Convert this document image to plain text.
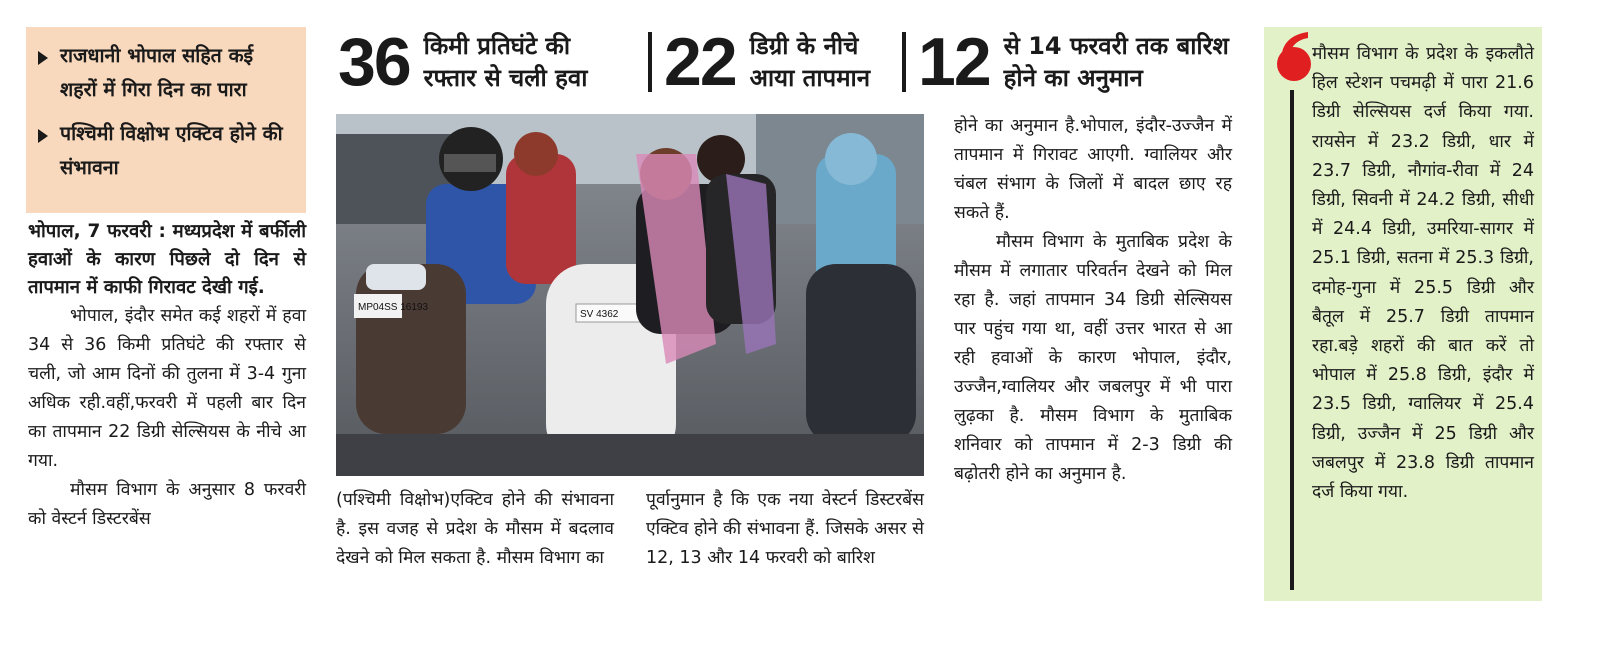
राजधानी भोपाल सहित कई शहरों में गिरा दिन का पारा
पश्चिमी विक्षोभ एक्टिव होने की संभावना

भोपाल, 7 फरवरी : मध्यप्रदेश में बर्फीली हवाओं के कारण पिछले दो दिन से तापमान में काफी गिरावट देखी गई.

भोपाल, इंदौर समेत कई शहरों में हवा 34 से 36 किमी प्रतिघंटे की रफ्तार से चली, जो आम दिनों की तुलना में 3-4 गुना अधिक रही.वहीं,फरवरी में पहली बार दिन का तापमान 22 डिग्री सेल्सियस के नीचे आ गया.

मौसम विभाग के अनुसार 8 फरवरी को वेस्टर्न डिस्टरबेंस

36 किमी प्रतिघंटे की रफ्तार से चली हवा	22 डिग्री के नीचे आया तापमान 12 से 14 फरवरी तक बारिश होने का अनुमान
MP04SS 16193
SV 4362

(पश्चिमी विक्षोभ)एक्टिव होने की संभावना है. इस वजह से प्रदेश के मौसम में बदलाव देखने को मिल सकता है. मौसम विभाग का

पूर्वानुमान है कि एक नया वेस्टर्न डिस्टरबेंस एक्टिव होने की संभावना हैं. जिसके असर से 12, 13 और 14 फरवरी को बारिश

होने का अनुमान है.भोपाल, इंदौर-उज्जैन में तापमान में गिरावट आएगी. ग्वालियर और चंबल संभाग के जिलों में बादल छाए रह सकते हैं.

मौसम विभाग के मुताबिक प्रदेश के मौसम में लगातार परिवर्तन देखने को मिल रहा है. जहां तापमान 34 डिग्री सेल्सियस पार पहुंच गया था, वहीं उत्तर भारत से आ रही हवाओं के कारण भोपाल, इंदौर, उज्जैन,ग्वालियर और जबलपुर में भी पारा लुढ़का है. मौसम विभाग के मुताबिक शनिवार को तापमान में 2-3 डिग्री की बढ़ोतरी होने का अनुमान है.

मौसम विभाग के प्रदेश के इकलौते हिल स्टेशन पचमढ़ी में पारा 21.6 डिग्री सेल्सियस दर्ज किया गया. रायसेन में 23.2 डिग्री, धार में 23.7 डिग्री, नौगांव-रीवा में 24 डिग्री, सिवनी में 24.2 डिग्री, सीधी में 24.4 डिग्री, उमरिया-सागर में 25.1 डिग्री, सतना में 25.3 डिग्री, दमोह-गुना में 25.5 डिग्री और बैतूल में 25.7 डिग्री तापमान रहा.बड़े शहरों की बात करें तो भोपाल में 25.8 डिग्री, इंदौर में 23.5 डिग्री, ग्वालियर में 25.4 डिग्री, उज्जैन में 25 डिग्री और जबलपुर में 23.8 डिग्री तापमान दर्ज किया गया.
